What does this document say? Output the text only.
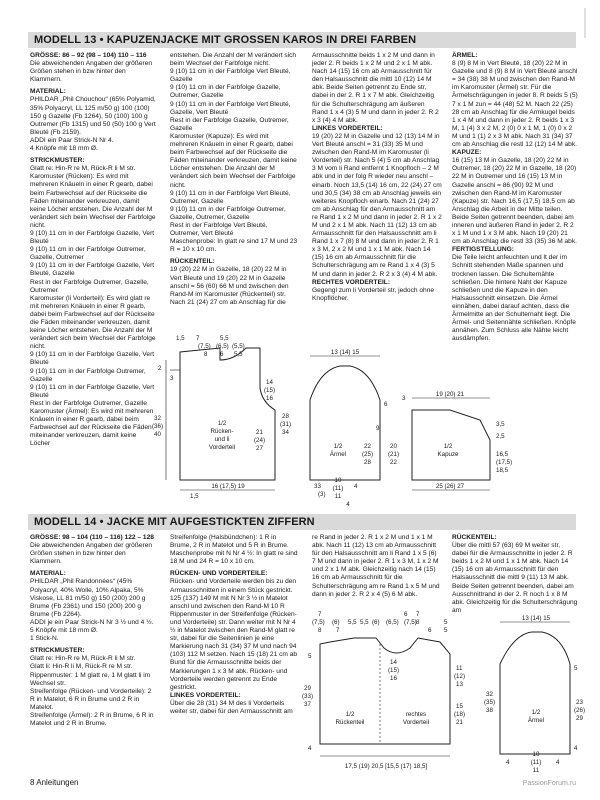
MODELL 13 • KAPUZENJACKE MIT GROSSEN KAROS IN DREI FARBEN

GRÖSSE: 86 – 92 (98 – 104) 110 – 116

Die abweichenden Angaben der größeren Größen stehen in bzw hinter den Klammern.

MATERIAL:

PHILDAR „Phil Chouchou“ (65% Polyamid, 35% Polyacryl, LL 125 m/50 g) 100 (100) 150 g Gazelle (Fb 1264), 50 (100) 100 g Outremer (Fb 1315) und 50 (50) 100 g Vert Bleuté (Fb 2159).

ADDI ein Paar Strick-N Nr 4.

4 Knöpfe mit 18 mm Ø.

STRICKMUSTER:

Glatt re: Hin-R re M, Rück-R li M str.

Karomuster (Rücken): Es wird mit mehreren Knäueln in einer R gearb, dabei beim Farbwechsel auf der Rückseite die Fäden miteinander verkreuzen, damit keine Löcher entstehen. Die Anzahl der M verändert sich beim Wechsel der Farbfolge nicht.

9 (10) 11 cm in der Farbfolge Gazelle, Vert Bleuté

9 (10) 11 cm in der Farbfolge Outremer, Gazelle, Outremer

9 (10) 11 cm in der Farbfolge Gazelle, Vert Bleuté, Gazelle

Rest in der Farbfolge Outremer, Gazelle, Outremer

Karomuster (li Vorderteil): Es wird glatt re mit mehreren Knäueln in einer R gearb, dabei beim Farbwechsel auf der Rückseite die Fäden miteinander verkreuzen, damit keine Löcher entstehen. Die Anzahl der M verändert sich beim Wechsel der Farbfolge nicht.

9 (10) 11 cm in der Farbfolge Gazelle, Vert Bleuté

9 (10) 11 cm in der Farbfolge Outremer, Gazelle

9 (10) 11 cm in der Farbfolge Gazelle, Vert Bleuté

Rest in der Farbfolge Outremer, Gazelle

Karomuster (Ärmel): Es wird mit mehreren Knäueln in einer R gearb, dabei beim Farbwechsel auf der Rückseite die Fäden miteinander verkreuzen, damit keine Löcher

entstehen. Die Anzahl der M verändert sich beim Wechsel der Farbfolge nicht.

9 (10) 11 cm in der Farbfolge Vert Bleuté, Gazelle

9 (10) 11 cm in der Farbfolge Gazelle, Outremer, Gazelle

9 (10) 11 cm in der Farbfolge Vert Bleuté, Gazelle, Vert Bleuté

Rest in der Farbfolge Gazelle, Outremer, Gazelle

Karomuster (Kapuze): Es wird mit mehreren Knäueln in einer R gearb, dabei beim Farbwechsel auf der Rückseite die Fäden miteinander verkreuzen, damit keine Löcher entstehen. Die Anzahl der M verändert sich beim Wechsel der Farbfolge nicht.

9 (10) 11 cm in der Farbfolge Vert Bleuté, Outremer, Gazelle

9 (10) 11 cm in der Farbfolge Outremer, Gazelle, Outremer, Gazelle

Rest in der Farbfolge Vert Bleuté, Outremer, Vert Bleuté

Maschenprobe: In glatt re sind 17 M und 23 R = 10 x 10 cm.

RÜCKENTEIL:

19 (20) 22 M in Gazelle, 18 (20) 22 M in Vert Bleuté und 19 (20) 22 M in Gazelle anschl = 56 (60) 66 M und zwischen den Rand-M im Karomuster (Rückenteil) str. Nach 21 (24) 27 cm ab Anschlag für die

Armausschnitte beids 1 x 2 M und dann in jeder 2. R beids 1 x 2 M und 2 x 1 M abk. Nach 14 (15) 16 cm ab Armausschnitt für den Halsausschnitt die mittl 10 (12) 14 M abk. Beide Seiten getrennt zu Ende str, dabei in der 2. R 1 x 7 M abk. Gleichzeitig für die Schulterschrägung am äußeren Rand 1 x 4 (3) 5 M und dann in jeder 2. R 2 x 3 (4) 4 M abk.

LINKES VORDERTEIL:

19 (20) 22 M in Gazelle und 12 (13) 14 M in Vert Bleuté anschl = 31 (33) 35 M und zwischen den Rand-M im Karomuster (li Vorderteil) str. Nach 5 (4) 5 cm ab Anschlag 3 M vom li Rand entfernt 1 Knopfloch – 2 M abk und in der folg R wieder neu anschl – einarb. Noch 13,5 (14) 16 cm, 22 (24) 27 cm und 30,5 (34) 38 cm ab Anschlag jeweils ein weiteres Knopfloch einarb. Nach 21 (24) 27 cm ab Anschlag für den Armausschnitt am re Rand 1 x 2 M und dann in jeder 2. R 1 x 2 M und 2 x 1 M abk. Nach 11 (12) 13 cm ab Armausschnitt für den Halsausschnitt am li Rand 1 x 7 (8) 8 M und dann in jeder 2. R 1 x 3 M, 2 x 2 M und 1 x 1 M abk. Nach 14 (15) 16 cm ab Armausschnitt für die Schulterschrägung am re Rand 1 x 4 (3) 5 M und dann in jeder 2. R 2 x 3 (4) 4 M abk.

RECHTES VORDERTEIL:

Gegengl zum li Vorderteil str, jedoch ohne Knopflöcher.

ÄRMEL:

8 (9) 8 M in Vert Bleuté, 18 (20) 22 M in Gazelle und 8 (9) 8 M in Vert Bleuté anschl = 34 (38) 38 M und zwischen den Rand-M im Karomuster (Ärmel) str. Für die Ärmelschrägungen in jeder 8. R beids 5 (5) 7 x 1 M zun = 44 (48) 52 M. Nach 22 (25) 28 cm ab Anschlag für die Armkugel beids 1 x 4 M und dann in jeder 2. R beids 1 x 3 M, 1 (4) 3 x 2 M, 2 (0) 0 x 1 M, 1 (0) 0 x 2 M und 1 (1) 2 x 3 M abk. Nach 31 (34) 37 cm ab Anschlag die restl 12 (12) 14 M abk.

KAPUZE:

16 (15) 13 M in Gazelle, 18 (20) 22 M in Outremer, 18 (20) 22 M in Gazelle, 18 (20) 22 M in Outremer und 16 (15) 13 M in Gazelle anschl = 86 (90) 92 M und zwischen den Rand-M im Karomuster (Kapuze) str. Nach 16,5 (17,5) 18,5 cm ab Anschlag die Arbeit in der Mitte teilen. Beide Seiten getrennt beenden, dabei am inneren und äußeren Rand in jeder 2. R 2 x 1 M und 1 x 3 M abk. Nach 19 (20) 21 cm ab Anschlag die restl 33 (35) 36 M abk.

FERTIGSTELLUNG:

Die Teile leicht anfeuchten und lt der im Schnitt stehenden Maße spannen und trocknen lassen. Die Schulternähte schließen. Die hintere Naht der Kapuze schließen und die Kapuze in den Halsausschnitt einsetzen. Die Ärmel einnähen, dabei darauf achten, dass die Ärmelmitte an der Schulternaht liegt. Die Ärmel- und Seitennähte schließen. Knöpfe annähen. Zum Schluss alle Nähte leicht ausdämpfen.

1/2
Rücken-
und li
Vorderteil
1,5 7	5,5
(7,5) (6,5) (5,5)
8 6 5,5
14
(15)
16
28
(31)
34
21
(24)
27
2
3
32
(36)
40
16 (17,5) 19
1,5
13 (14) 15
1/2
Ärmel
6
9
22
(25)
28
20
(21)
22
10
(11)
11
4
33
(3)
4
19 (20) 21
3
1/2
Kapuze
3,5
2,5
16,5
(17,5)
18,5
25 (26) 27
MODELL 14 • JACKE MIT AUFGESTICKTEN ZIFFERN

GRÖSSE: 98 – 104 (110 – 116) 122 – 128

Die abweichenden Angaben der größeren Größen stehen in bzw hinter den Klammern.

MATERIAL:

PHILDAR „Phil Randonnées“ (45% Polyacryl, 40% Wolle, 10% Alpaka, 5% Viskose, LL 81 m/50 g) 150 (200) 200 g Brume (Fb 2361) und 150 (200) 200 g Brume (Fb 2264).

ADDI je ein Paar Strick-N Nr 3 ½ und 4 ½.

5 Knöpfe mit 18 mm Ø.

1 Stick-N.

STRICKMUSTER:

Glatt re: Hin-R re M, Rück-R li M str.

Glatt li: Hin-R li M, Rück-R re M str.

Rippenmuster: 1 M glatt re, 1 M glatt li im Wechsel str.

Streifenfolge (Rücken- und Vorderteile): 2 R in Matelot, 6 R in Brume und 2 R in Matelot.

Streifenfolge (Ärmel): 2 R in Brume, 6 R in Matelot und 2 R in Brume.

Streifenfolge (Halsbündchen): 1 R in Brume, 2 R in Matelot und 5 R in Brume.

Maschenprobe mit N Nr 4 ½: In glatt re sind 18 M und 24 R = 10 x 10 cm.

RÜCKEN- UND VORDERTEILE:

Rücken- und Vorderteile werden bis zu den Armausschnitten in einem Stück gestrickt.

125 (137) 149 M mit N Nr 3 ½ in Matelot anschl und zwischen den Rand-M 10 R Rippenmuster in der Streifenfolge (Rücken- und Vorderteile) str. Dann weiter mit N Nr 4 ½ in Matelot zwischen den Rand-M glatt re str, dabei für die Seitenlinien je eine Markierung nach 31 (34) 37 M und nach 94 (103) 112 M setzen. Nach 15 (18) 21 cm ab Bund für die Armausschnitte beids der Markierungen 1 x 3 M abk. Rücken- und Vorderteile werden getrennt zu Ende gestrickt.

LINKES VORDERTEIL:

Über die 28 (31) 34 M des li Vorderteils weiter str, dabei für den Armausschnitt am

re Rand in jeder 2. R 1 x 2 M und 1 x 1 M abk. Nach 11 (12) 13 cm ab Armausschnitt für den Halsausschnitt am li Rand 1 x 5 (6) 7 M und dann in jeder 2. R 1 x 3 M, 1 x 2 M und 2 x 1 M abk. Gleichzeitig nach 14 (15) 16 cm ab Armausschnitt für die Schulterschrägung am re Rand 1 x 5 M und dann in jeder 2. R 2 x 4 (5) 6 M abk.

RÜCKENTEIL:

Über die mittl 57 (63) 69 M weiter str, dabei für die Armausschnitte in jeder 2. R beids 1 x 2 M und 1 x 1 M abk. Nach 14 (15) 16 cm ab Armausschnitt für den Halsausschnitt die mittl 9 (11) 13 M abk. Beide Seiten getrennt beenden, dabei am Ausschnittrand in der 2. R noch 1 x 8 M abk. Gleichzeitig für die Schulterschrägung am

7
(7,5)
8
(6) 5,5 5,5 (6) (6,5)
6 7
(7,5) 8
7	6
5
5
14
(15)
16
5
29
(33)
37
11
(12)
13
15
(18)
21
1/2
Rückenteil
rechtes
Vorderteil
17,5 (19) 20,5 [15,5 (17) 18,5]
4
13 (14) 15
1/2
Ärmel
32
(35)
38
23
(26)
29
10
(11)
11
4	4
5
4
8 Anleitungen	PassionForum.ru
